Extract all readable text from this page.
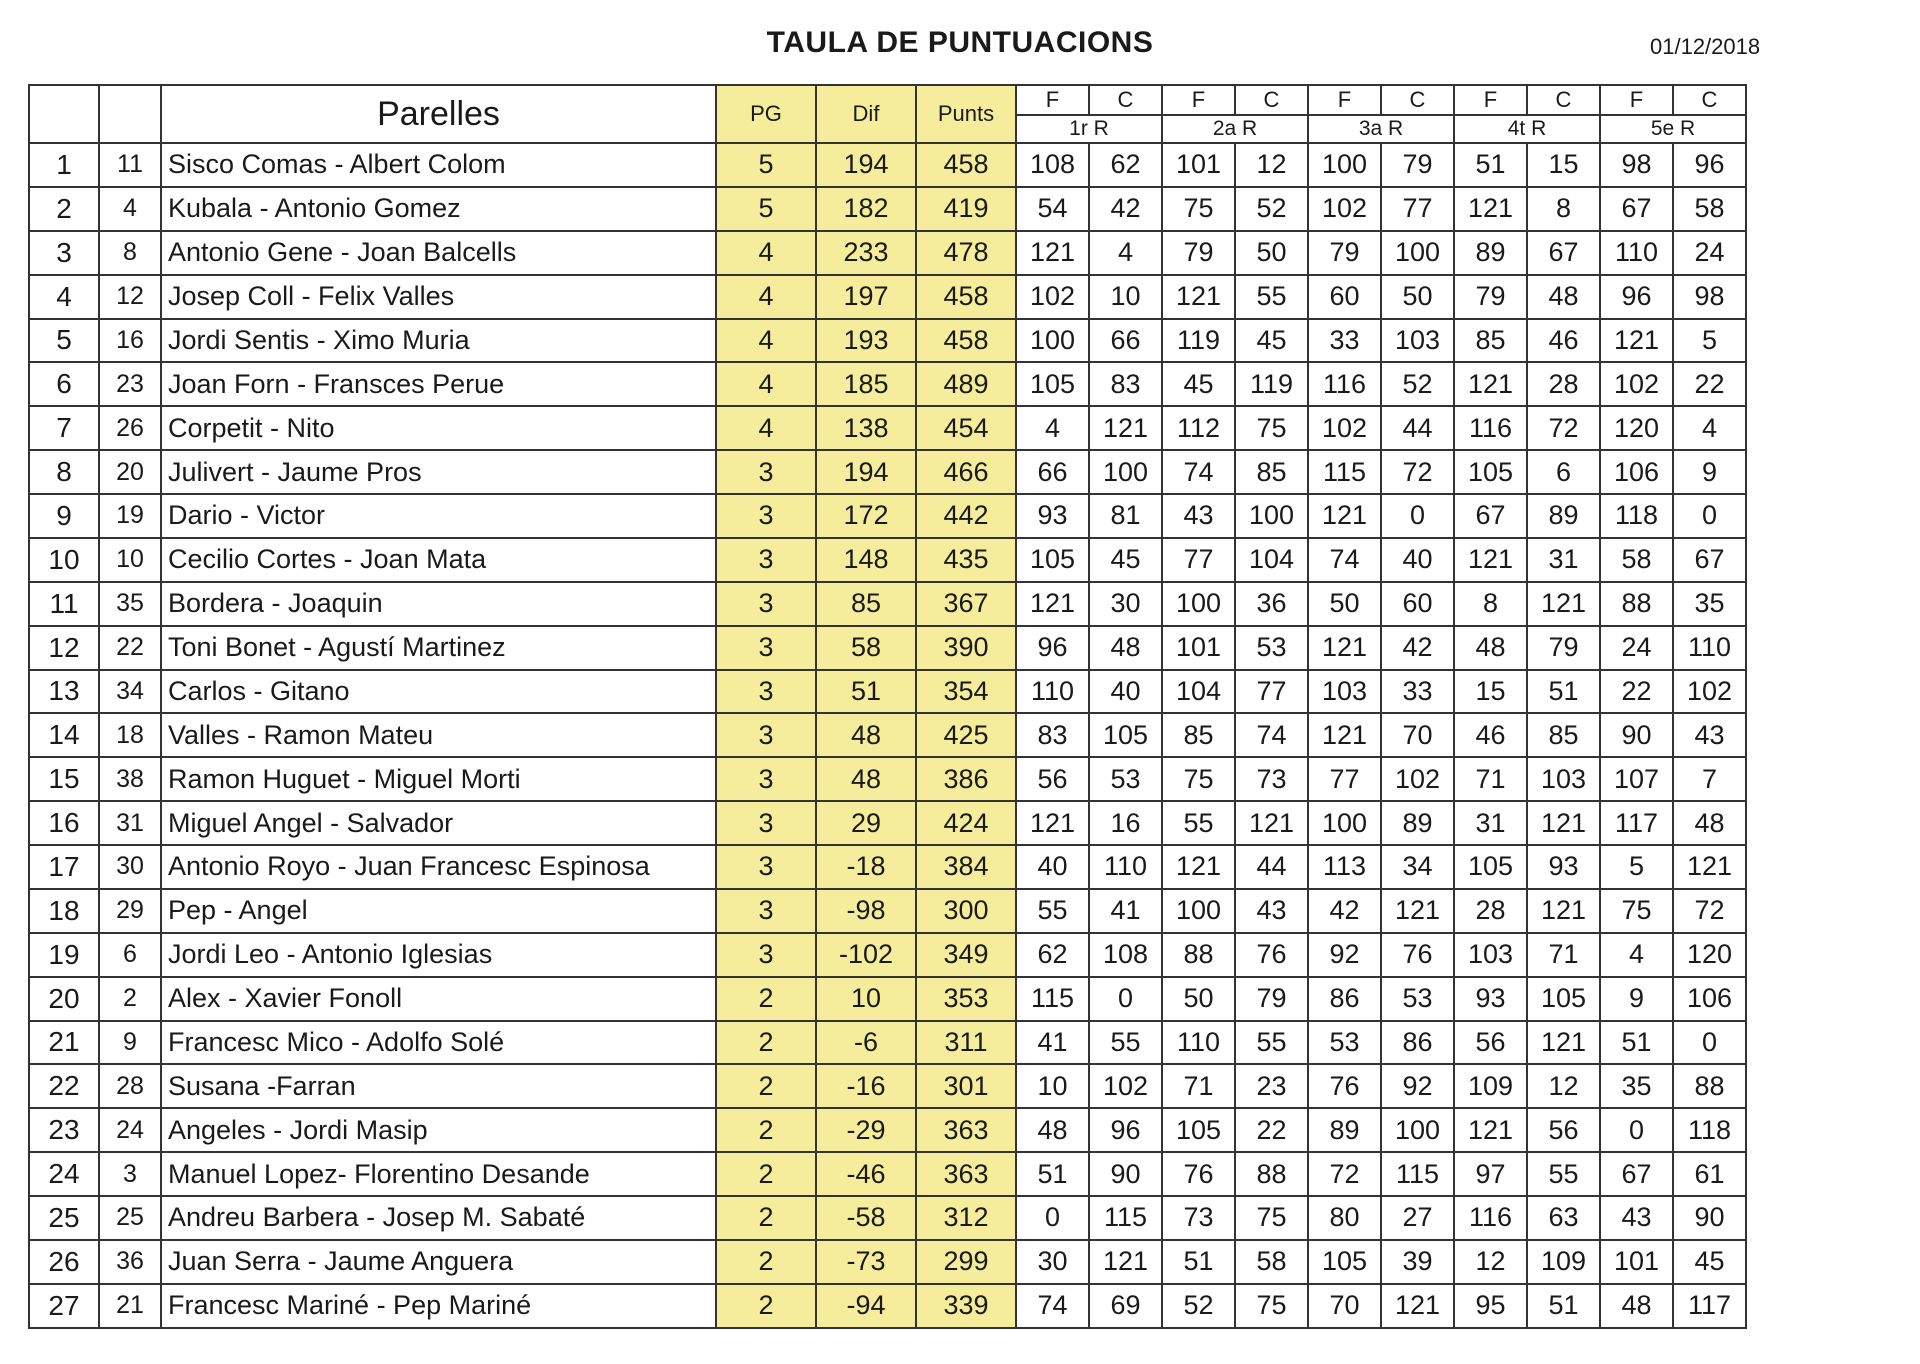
TAULA DE PUNTUACIONS	01/12/2018
		Parelles	PG	Dif	Punts	F	C	F	C	F	C	F	C	F	C
						1r R		2a R		3a R		4t R		5e R	
1	11	Sisco Comas - Albert Colom	5	194	458	108	62	101	12	100	79	51	15	98	96
2	4	Kubala - Antonio Gomez	5	182	419	54	42	75	52	102	77	121	8	67	58
3	8	Antonio Gene - Joan Balcells	4	233	478	121	4	79	50	79	100	89	67	110	24
4	12	Josep Coll - Felix Valles	4	197	458	102	10	121	55	60	50	79	48	96	98
5	16	Jordi Sentis - Ximo Muria	4	193	458	100	66	119	45	33	103	85	46	121	5
6	23	Joan Forn - Fransces Perue	4	185	489	105	83	45	119	116	52	121	28	102	22
7	26	Corpetit - Nito	4	138	454	4	121	112	75	102	44	116	72	120	4
8	20	Julivert - Jaume Pros	3	194	466	66	100	74	85	115	72	105	6	106	9
9	19	Dario - Victor	3	172	442	93	81	43	100	121	0	67	89	118	0
10	10	Cecilio Cortes - Joan Mata	3	148	435	105	45	77	104	74	40	121	31	58	67
11	35	Bordera - Joaquin	3	85	367	121	30	100	36	50	60	8	121	88	35
12	22	Toni Bonet - Agustí Martinez	3	58	390	96	48	101	53	121	42	48	79	24	110
13	34	Carlos - Gitano	3	51	354	110	40	104	77	103	33	15	51	22	102
14	18	Valles - Ramon Mateu	3	48	425	83	105	85	74	121	70	46	85	90	43
15	38	Ramon Huguet - Miguel Morti	3	48	386	56	53	75	73	77	102	71	103	107	7
16	31	Miguel Angel - Salvador	3	29	424	121	16	55	121	100	89	31	121	117	48
17	30	Antonio Royo - Juan Francesc Espinosa	3	-18	384	40	110	121	44	113	34	105	93	5	121
18	29	Pep - Angel	3	-98	300	55	41	100	43	42	121	28	121	75	72
19	6	Jordi Leo - Antonio Iglesias	3	-102	349	62	108	88	76	92	76	103	71	4	120
20	2	Alex - Xavier Fonoll	2	10	353	115	0	50	79	86	53	93	105	9	106
21	9	Francesc Mico - Adolfo Solé	2	-6	311	41	55	110	55	53	86	56	121	51	0
22	28	Susana -Farran	2	-16	301	10	102	71	23	76	92	109	12	35	88
23	24	Angeles - Jordi Masip	2	-29	363	48	96	105	22	89	100	121	56	0	118
24	3	Manuel Lopez- Florentino Desande	2	-46	363	51	90	76	88	72	115	97	55	67	61
25	25	Andreu Barbera - Josep M. Sabaté	2	-58	312	0	115	73	75	80	27	116	63	43	90
26	36	Juan Serra - Jaume Anguera	2	-73	299	30	121	51	58	105	39	12	109	101	45
27	21	Francesc Mariné - Pep Mariné	2	-94	339	74	69	52	75	70	121	95	51	48	117
